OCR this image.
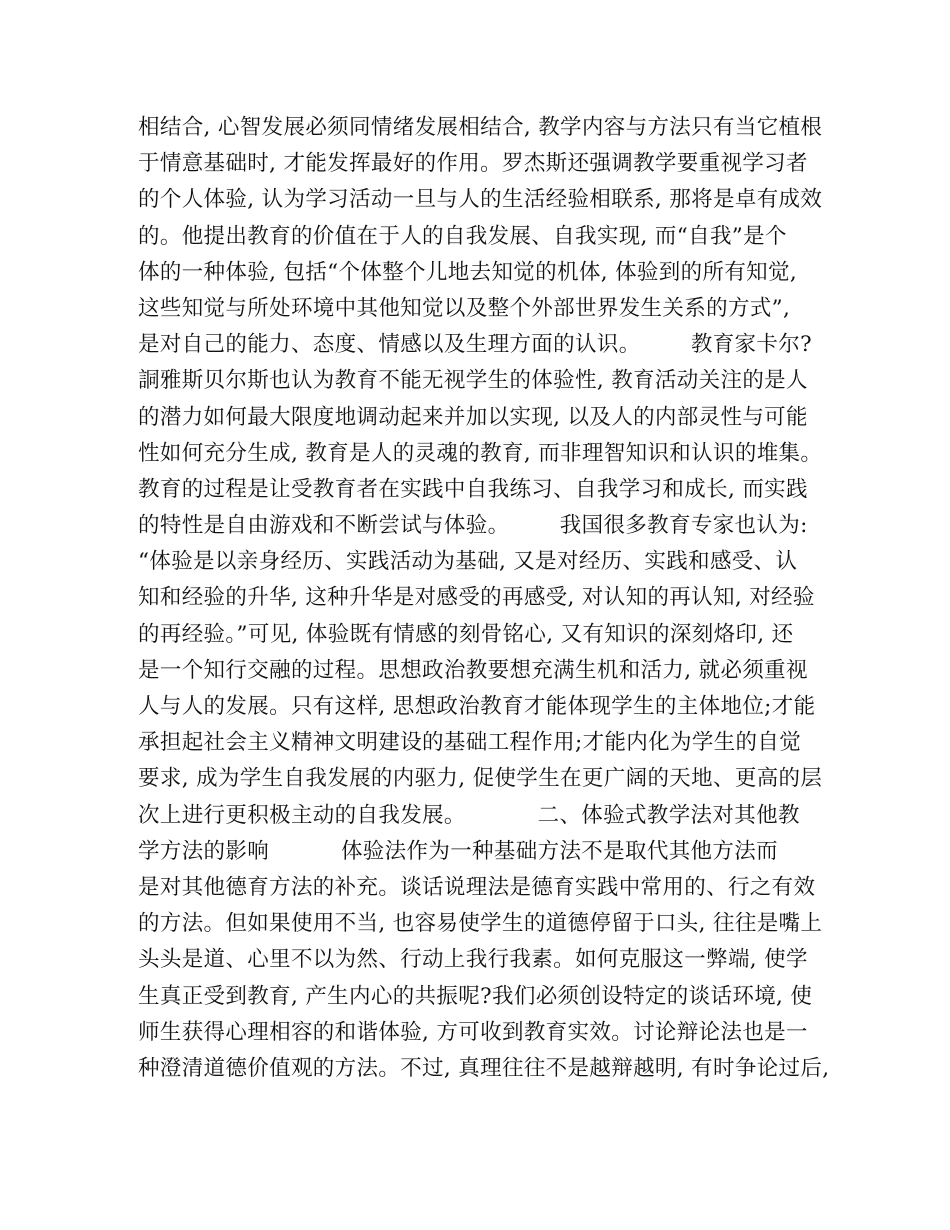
相结合, 心智发展必须同情绪发展相结合, 教学内容与方法只有当它植根
于情意基础时, 才能发挥最好的作用。罗杰斯还强调教学要重视学习者
的个人体验, 认为学习活动一旦与人的生活经验相联系, 那将是卓有成效
的。他提出教育的价值在于人的自我发展、自我实现, 而“自我”是个
体的一种体验, 包括“个体整个儿地去知觉的机体, 体验到的所有知觉,
这些知觉与所处环境中其他知觉以及整个外部世界发生关系的方式”,
是对自己的能力、态度、情感以及生理方面的认识。       教育家卡尔?
詷雅斯贝尔斯也认为教育不能无视学生的体验性, 教育活动关注的是人
的潜力如何最大限度地调动起来并加以实现, 以及人的内部灵性与可能
性如何充分生成, 教育是人的灵魂的教育, 而非理智知识和认识的堆集。
教育的过程是让受教育者在实践中自我练习、自我学习和成长, 而实践
的特性是自由游戏和不断尝试与体验。       我国很多教育专家也认为:
“体验是以亲身经历、实践活动为基础, 又是对经历、实践和感受、认
知和经验的升华, 这种升华是对感受的再感受, 对认知的再认知, 对经验
的再经验。”可见, 体验既有情感的刻骨铭心, 又有知识的深刻烙印, 还
是一个知行交融的过程。思想政治教要想充满生机和活力, 就必须重视
人与人的发展。只有这样, 思想政治教育才能体现学生的主体地位;才能
承担起社会主义精神文明建设的基础工程作用;才能内化为学生的自觉
要求, 成为学生自我发展的内驱力, 促使学生在更广阔的天地、更高的层
次上进行更积极主动的自我发展。          二、体验式教学法对其他教
学方法的影响          体验法作为一种基础方法不是取代其他方法而
是对其他德育方法的补充。谈话说理法是德育实践中常用的、行之有效
的方法。但如果使用不当, 也容易使学生的道德停留于口头, 往往是嘴上
头头是道、心里不以为然、行动上我行我素。如何克服这一弊端, 使学
生真正受到教育, 产生内心的共振呢?我们必须创设特定的谈话环境, 使
师生获得心理相容的和谐体验, 方可收到教育实效。讨论辩论法也是一
种澄清道德价值观的方法。不过, 真理往往不是越辩越明, 有时争论过后,
